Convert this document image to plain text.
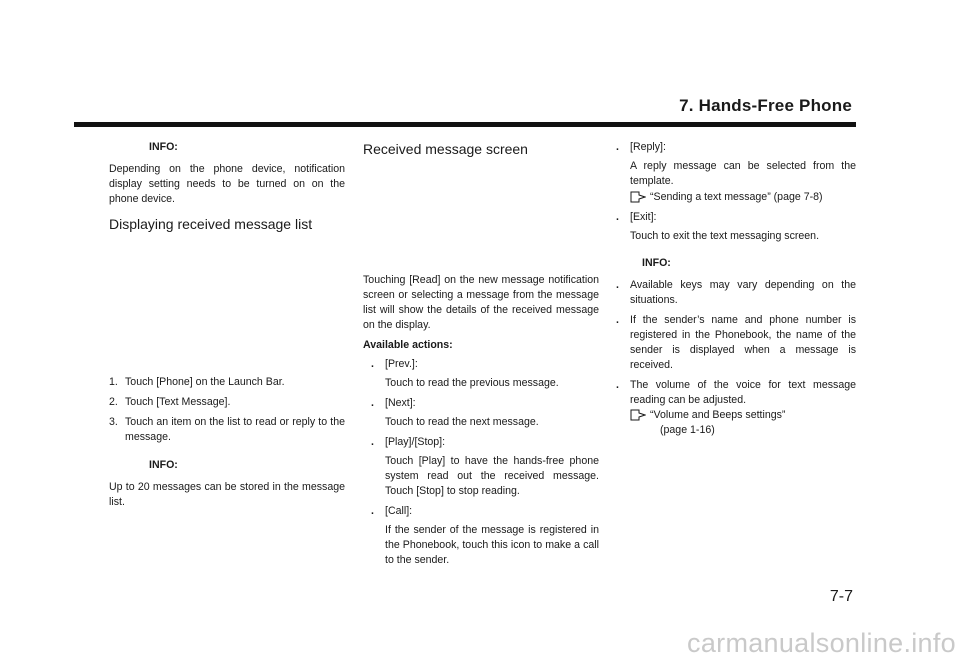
7. Hands-Free Phone
INFO:

Depending on the phone device, notification display setting needs to be turned on on the phone device.

Displaying received message list
1. Touch [Phone] on the Launch Bar.
2. Touch [Text Message].
3. Touch an item on the list to read or reply to the message.
INFO:

Up to 20 messages can be stored in the message list.

Received message screen

Touching [Read] on the new message notification screen or selecting a message from the message list will show the details of the received message on the display.

Available actions:
.	[Prev.]:
Touch to read the previous message.
.	[Next]:
Touch to read the next message.
.	[Play]/[Stop]:
Touch [Play] to have the hands-free phone system read out the received message. Touch [Stop] to stop reading.
.	[Call]:
If the sender of the message is registered in the Phonebook, touch this icon to make a call to the sender.
.	[Reply]:
A reply message can be selected from the template.
“Sending a text message” (page 7-8)
.	[Exit]:
Touch to exit the text messaging screen.
INFO:
.	Available keys may vary depending on the situations.
.	If the sender’s name and phone number is registered in the Phonebook, the name of the sender is displayed when a message is received.
.	The volume of the voice for text message reading can be adjusted.
“Volume and Beeps settings”
(page 1-16)
7-7
carmanualsonline.info
